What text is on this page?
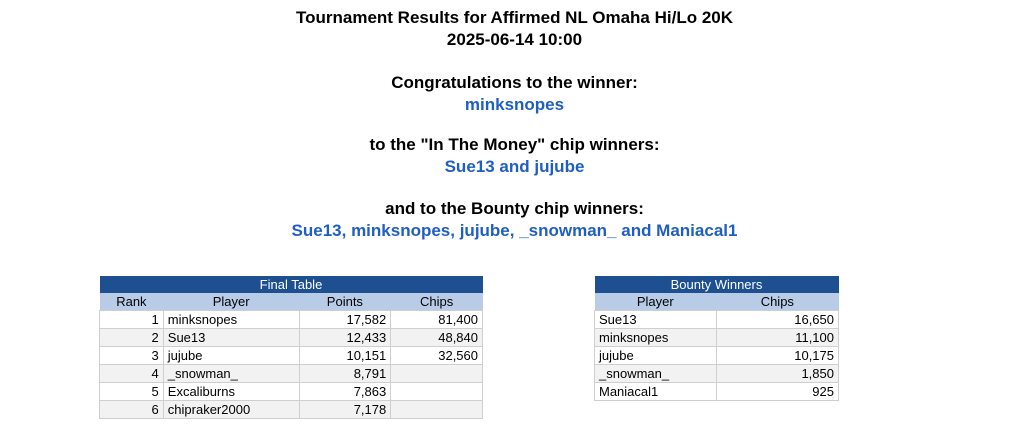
Tournament Results for Affirmed NL Omaha Hi/Lo 20K
2025-06-14 10:00
Congratulations to the winner:
minksnopes
to the "In The Money" chip winners:
Sue13 and jujube
and to the Bounty chip winners:
Sue13, minksnopes, jujube, _snowman_ and Maniacal1
Final Table			
Rank	Player	Points	Chips
1	minksnopes	17,582	81,400
2	Sue13	12,433	48,840
3	jujube	10,151	32,560
4	_snowman_	8,791	
5	Excaliburns	7,863	
6	chipraker2000	7,178	
Bounty Winners	
Player	Chips
Sue13	16,650
minksnopes	11,100
jujube	10,175
_snowman_	1,850
Maniacal1	925
